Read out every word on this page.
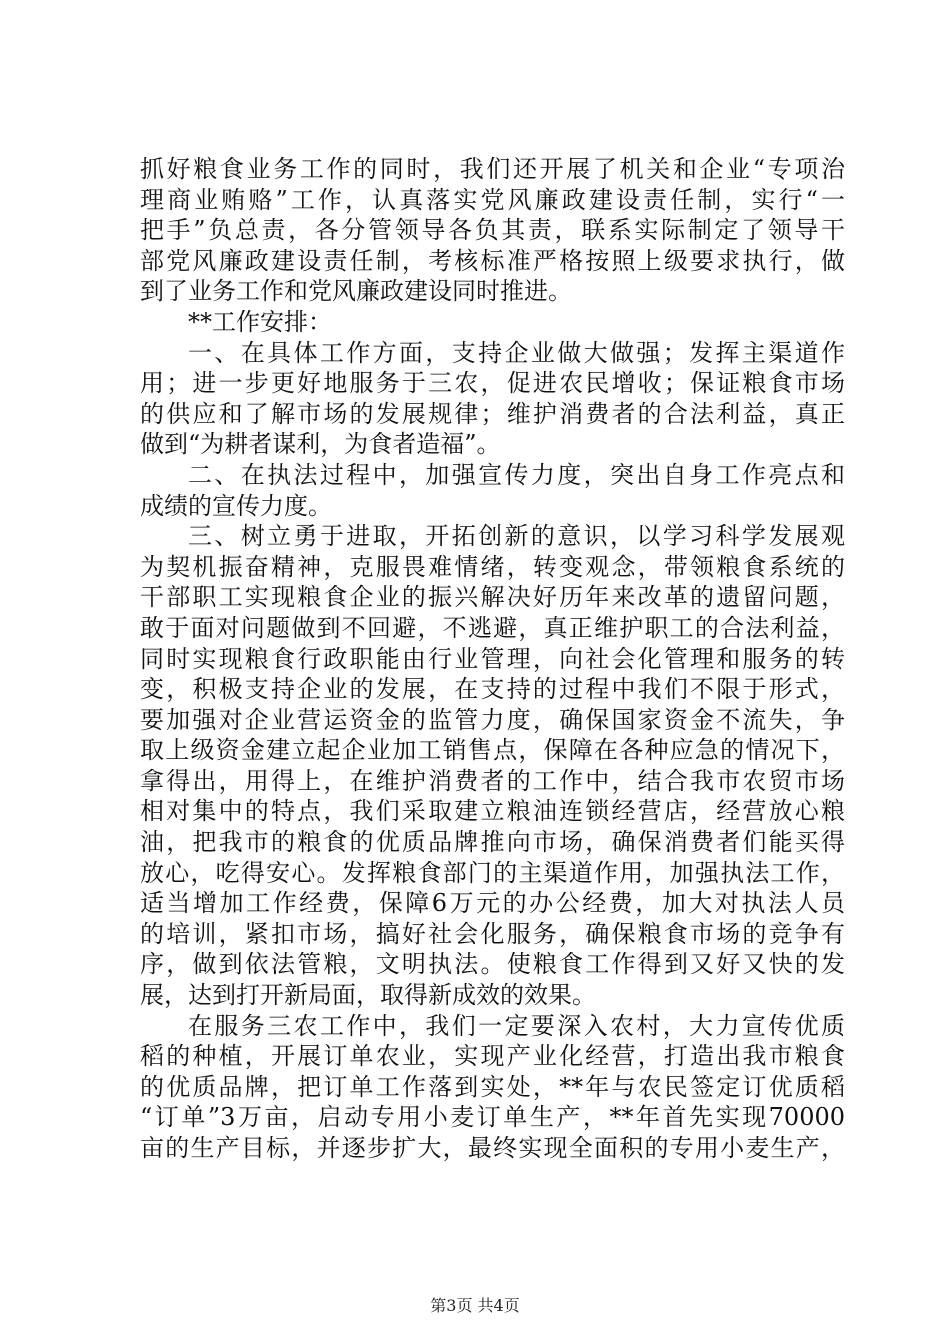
抓好粮食业务工作的同时，我们还开展了机关和企业“专项治
理商业贿赂”工作，认真落实党风廉政建设责任制，实行“一
把手”负总责，各分管领导各负其责，联系实际制定了领导干
部党风廉政建设责任制，考核标准严格按照上级要求执行，做
到了业务工作和党风廉政建设同时推进。
**工作安排：
一、在具体工作方面，支持企业做大做强；发挥主渠道作
用；进一步更好地服务于三农，促进农民增收；保证粮食市场
的供应和了解市场的发展规律；维护消费者的合法利益，真正
做到“为耕者谋利，为食者造福”。
二、在执法过程中，加强宣传力度，突出自身工作亮点和
成绩的宣传力度。
三、树立勇于进取，开拓创新的意识，以学习科学发展观
为契机振奋精神，克服畏难情绪，转变观念，带领粮食系统的
干部职工实现粮食企业的振兴解决好历年来改革的遗留问题，
敢于面对问题做到不回避，不逃避，真正维护职工的合法利益，
同时实现粮食行政职能由行业管理，向社会化管理和服务的转
变，积极支持企业的发展，在支持的过程中我们不限于形式，
要加强对企业营运资金的监管力度，确保国家资金不流失，争
取上级资金建立起企业加工销售点，保障在各种应急的情况下，
拿得出，用得上，在维护消费者的工作中，结合我市农贸市场
相对集中的特点，我们采取建立粮油连锁经营店，经营放心粮
油，把我市的粮食的优质品牌推向市场，确保消费者们能买得
放心，吃得安心。发挥粮食部门的主渠道作用，加强执法工作，
适当增加工作经费，保障6万元的办公经费，加大对执法人员
的培训，紧扣市场，搞好社会化服务，确保粮食市场的竞争有
序，做到依法管粮，文明执法。使粮食工作得到又好又快的发
展，达到打开新局面，取得新成效的效果。
在服务三农工作中，我们一定要深入农村，大力宣传优质
稻的种植，开展订单农业，实现产业化经营，打造出我市粮食
的优质品牌，把订单工作落到实处，**年与农民签定订优质稻
“订单”3万亩，启动专用小麦订单生产，**年首先实现70000
亩的生产目标，并逐步扩大，最终实现全面积的专用小麦生产，
第3页 共4页
